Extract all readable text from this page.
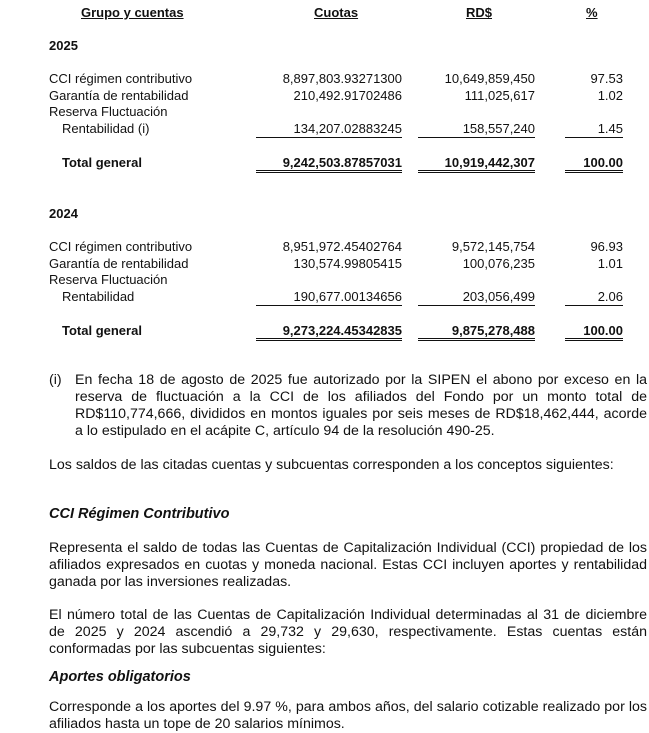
Grupo y cuentas	Cuotas	RD$	%
2025
CCI régimen contributivo	8,897,803.93271300	10,649,859,450	97.53
Garantía de rentabilidad	210,492.91702486	111,025,617	1.02
Reserva Fluctuación
Rentabilidad (i)	134,207.02883245	158,557,240	1.45
Total general	9,242,503.87857031	10,919,442,307	100.00
2024
CCI régimen contributivo	8,951,972.45402764	9,572,145,754	96.93
Garantía de rentabilidad	130,574.99805415	100,076,235	1.01
Reserva Fluctuación
Rentabilidad	190,677.00134656	203,056,499	2.06
Total general	9,273,224.45342835	9,875,278,488	100.00
(i) En fecha 18 de agosto de 2025 fue autorizado por la SIPEN el abono por exceso en la reserva de fluctuación a la CCI de los afiliados del Fondo por un monto total de RD$110,774,666, divididos en montos iguales por seis meses de RD$18,462,444, acorde a lo estipulado en el acápite C, artículo 94 de la resolución 490-25.
Los saldos de las citadas cuentas y subcuentas corresponden a los conceptos siguientes:
CCI Régimen Contributivo
Representa el saldo de todas las Cuentas de Capitalización Individual (CCI) propiedad de los afiliados expresados en cuotas y moneda nacional. Estas CCI incluyen aportes y rentabilidad ganada por las inversiones realizadas.
El número total de las Cuentas de Capitalización Individual determinadas al 31 de diciembre de 2025 y 2024 ascendió a 29,732 y 29,630, respectivamente. Estas cuentas están conformadas por las subcuentas siguientes:
Aportes obligatorios
Corresponde a los aportes del 9.97 %, para ambos años, del salario cotizable realizado por los afiliados hasta un tope de 20 salarios mínimos.
